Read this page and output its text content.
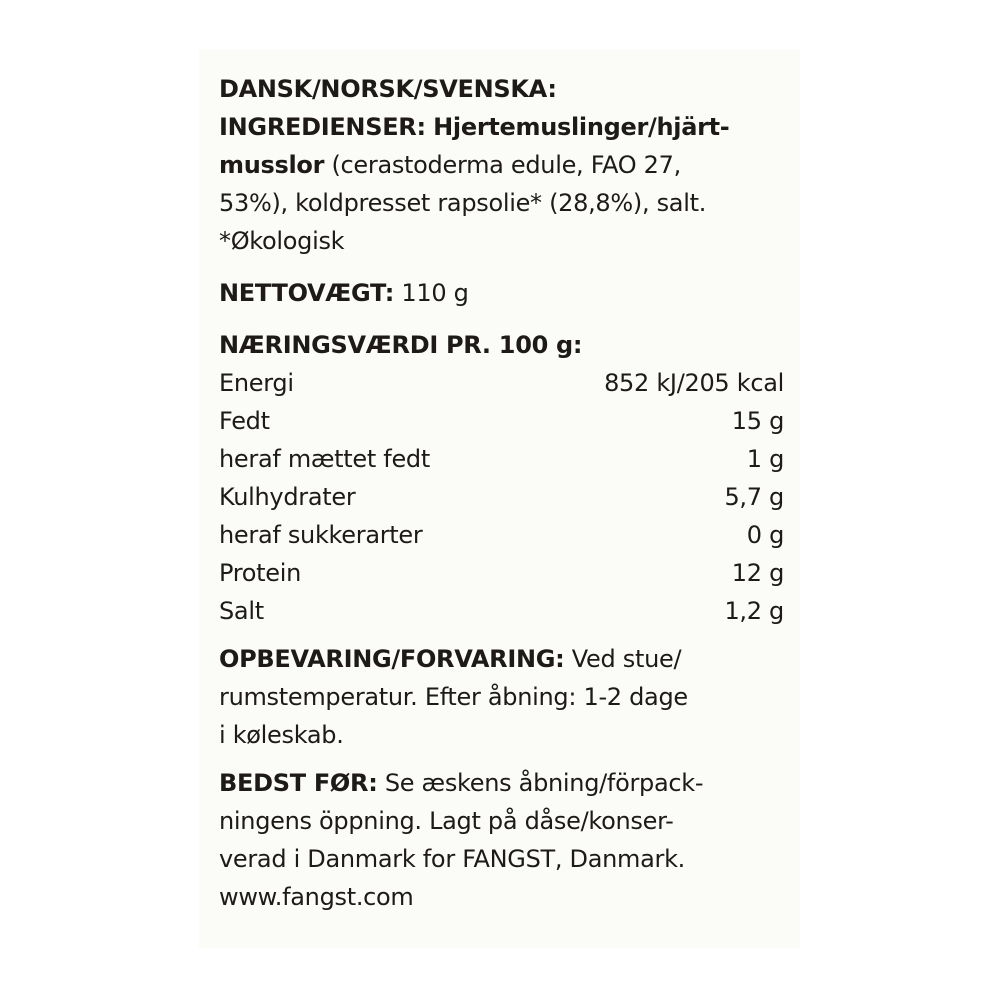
DANSK/NORSK/SVENSKA:
INGREDIENSER: Hjertemuslinger/hjärt-
musslor (cerastoderma edule, FAO 27,
53%), koldpresset rapsolie* (28,8%), salt.
*Økologisk
NETTOVÆGT: 110 g
NÆRINGSVÆRDI PR. 100 g:
Energi	852 kJ/205 kcal
Fedt	15 g
heraf mættet fedt	1 g
Kulhydrater	5,7 g
heraf sukkerarter	0 g
Protein	12 g
Salt	1,2 g
OPBEVARING/FORVARING: Ved stue/
rumstemperatur. Efter åbning: 1-2 dage
i køleskab.
BEDST FØR: Se æskens åbning/förpack-
ningens öppning. Lagt på dåse/konser-
verad i Danmark for FANGST, Danmark.
www.fangst.com
